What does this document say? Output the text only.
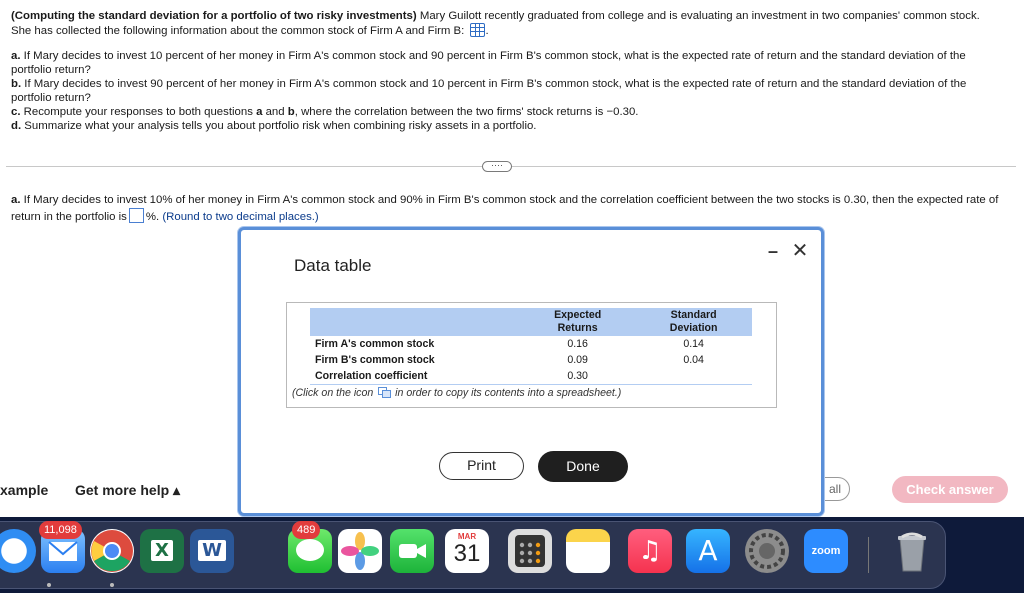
(Computing the standard deviation for a portfolio of two risky investments) Mary Guilott recently graduated from college and is evaluating an investment in two companies' common stock.
She has collected the following information about the common stock of Firm A and Firm B: .
a. If Mary decides to invest 10 percent of her money in Firm A's common stock and 90 percent in Firm B's common stock, what is the expected rate of return and the standard deviation of the
portfolio return?
b. If Mary decides to invest 90 percent of her money in Firm A's common stock and 10 percent in Firm B's common stock, what is the expected rate of return and the standard deviation of the
portfolio return?
c. Recompute your responses to both questions a and b, where the correlation between the two firms' stock returns is −0.30.
d. Summarize what your analysis tells you about portfolio risk when combining risky assets in a portfolio.
····
a. If Mary decides to invest 10% of her money in Firm A's common stock and 90% in Firm B's common stock and the correlation coefficient between the two stocks is 0.30, then the expected rate of
return in the portfolio is %. (Round to two decimal places.)
xample Get more help ▴	all	Check answer
Data table
– ✕
	Expected
Returns	Standard
Deviation
Firm A's common stock	0.16	0.14
Firm B's common stock	0.09	0.04
Correlation coefficient	0.30	
(Click on the icon in order to copy its contents into a spreadsheet.)
Print	Done
11,098
X	W
489
MAR
31	♫	A	zoom
